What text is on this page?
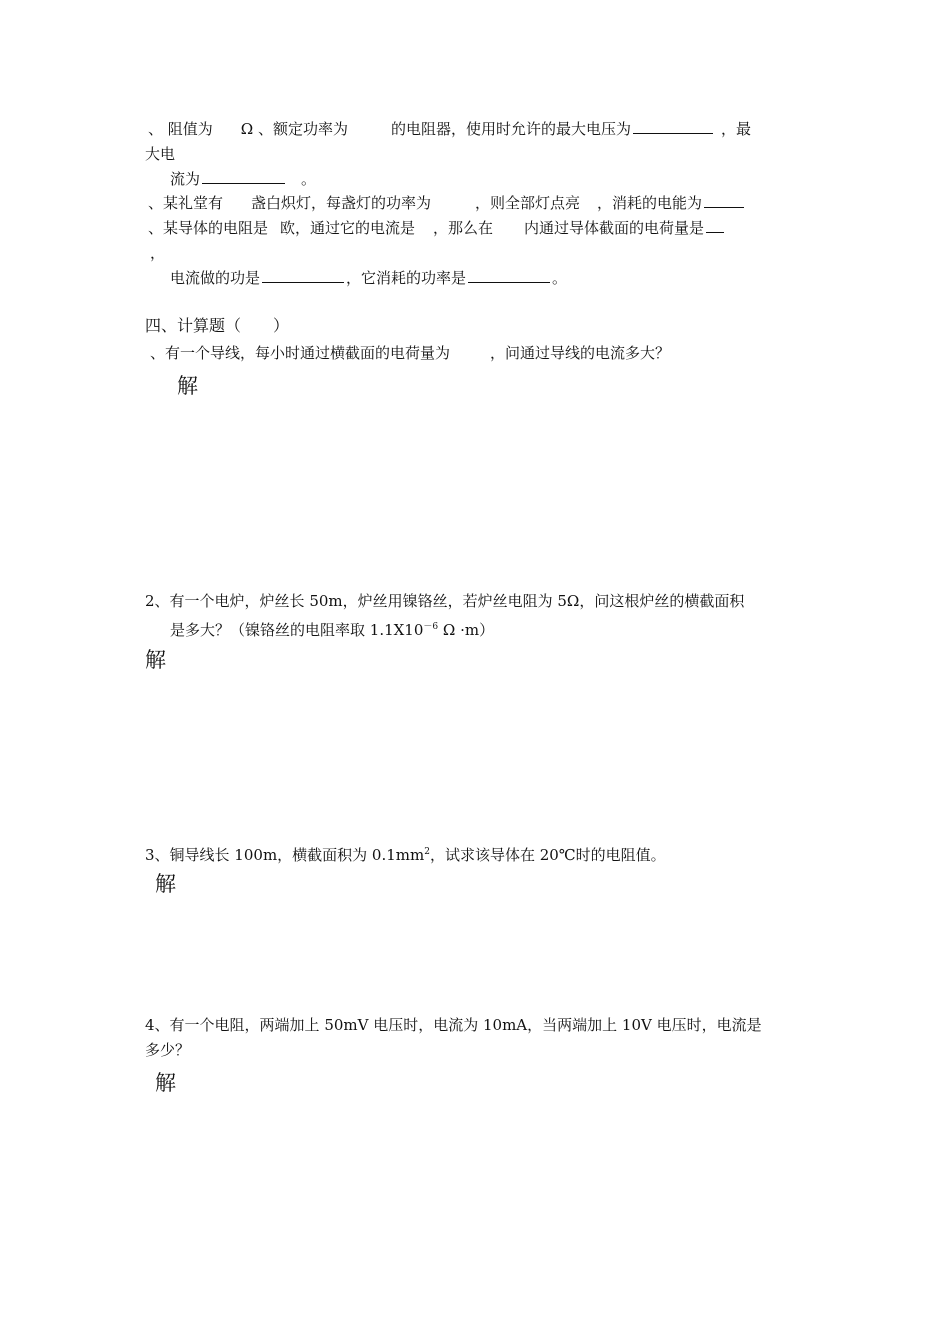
、 阻值为 Ω 、额定功率为	的电阻器，使用时允许的最大电压为	，最
大电
流为	。
、某礼堂有 盏白炽灯，每盏灯的功率为	，则全部灯点亮 ，消耗的电能为
、某导体的电阻是 欧，通过它的电流是 ，那么在 内通过导体截面的电荷量是
，
电流做的功是	，它消耗的功率是	。
四、计算题（　　）
、有一个导线，每小时通过横截面的电荷量为	，问通过导线的电流多大？
解
2、有一个电炉，炉丝长 50m，炉丝用镍铬丝，若炉丝电阻为 5Ω，问这根炉丝的横截面积
是多大？（镍铬丝的电阻率取 $1.1X10^{-6}$ Ω ·m）
解
3、铜导线长 100m，横截面积为 $0.1mm^2$，试求该导体在 20℃时的电阻值。
解
4、有一个电阻，两端加上 50mV 电压时，电流为 10mA，当两端加上 10V 电压时，电流是
多少？
解
